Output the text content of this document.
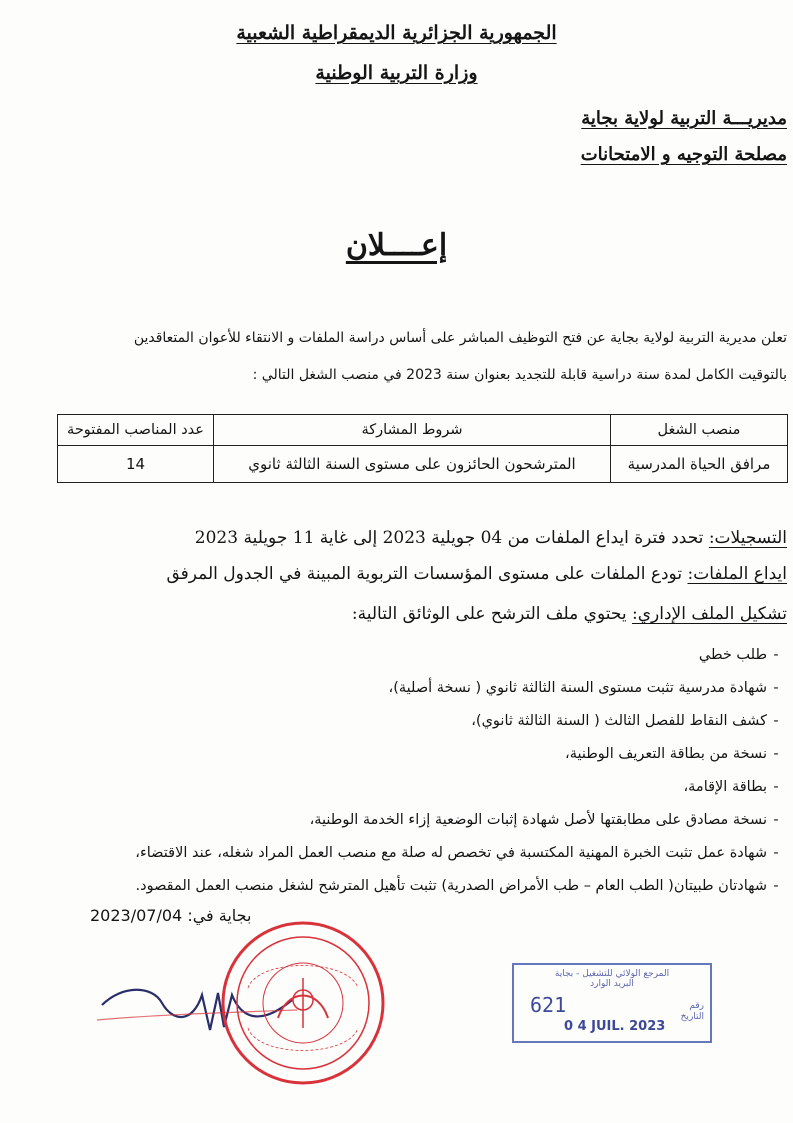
الجمهورية الجزائرية الديمقراطية الشعبية
وزارة التربية الوطنية
مديريـــة التربية لولاية بجاية
مصلحة التوجيه و الامتحانات
إعــــلان
تعلن مديرية التربية لولاية بجاية عن فتح التوظيف المباشر على أساس دراسة الملفات و الانتقاء للأعوان المتعاقدين
بالتوقيت الكامل لمدة سنة دراسية قابلة للتجديد بعنوان سنة 2023 في منصب الشغل التالي :
منصب الشغل	شروط المشاركة	عدد المناصب المفتوحة
مرافق الحياة المدرسية	المترشحون الحائزون على مستوى السنة الثالثة ثانوي	14
التسجيلات: تحدد فترة ايداع الملفات من 04 جويلية 2023 إلى غاية 11 جويلية 2023
ايداع الملفات: تودع الملفات على مستوى المؤسسات التربوية المبينة في الجدول المرفق
تشكيل الملف الإداري: يحتوي ملف الترشح على الوثائق التالية:
-طلب خطي
-شهادة مدرسية تثبت مستوى السنة الثالثة ثانوي ( نسخة أصلية)،
-كشف النقاط للفصل الثالث ( السنة الثالثة ثانوي)،
-نسخة من بطاقة التعريف الوطنية،
-بطاقة الإقامة،
-نسخة مصادق على مطابقتها لأصل شهادة إثبات الوضعية إزاء الخدمة الوطنية،
-شهادة عمل تثبت الخبرة المهنية المكتسبة في تخصص له صلة مع منصب العمل المراد شغله، عند الاقتضاء،
-شهادتان طبيتان( الطب العام – طب الأمراض الصدرية) تثبت تأهيل المترشح لشغل منصب العمل المقصود.
بجاية في: 2023/07/04
المرجع الولائي للتشغيل - بجاية
البريد الوارد
رقم
التاريخ
621
0 4 JUIL. 2023
